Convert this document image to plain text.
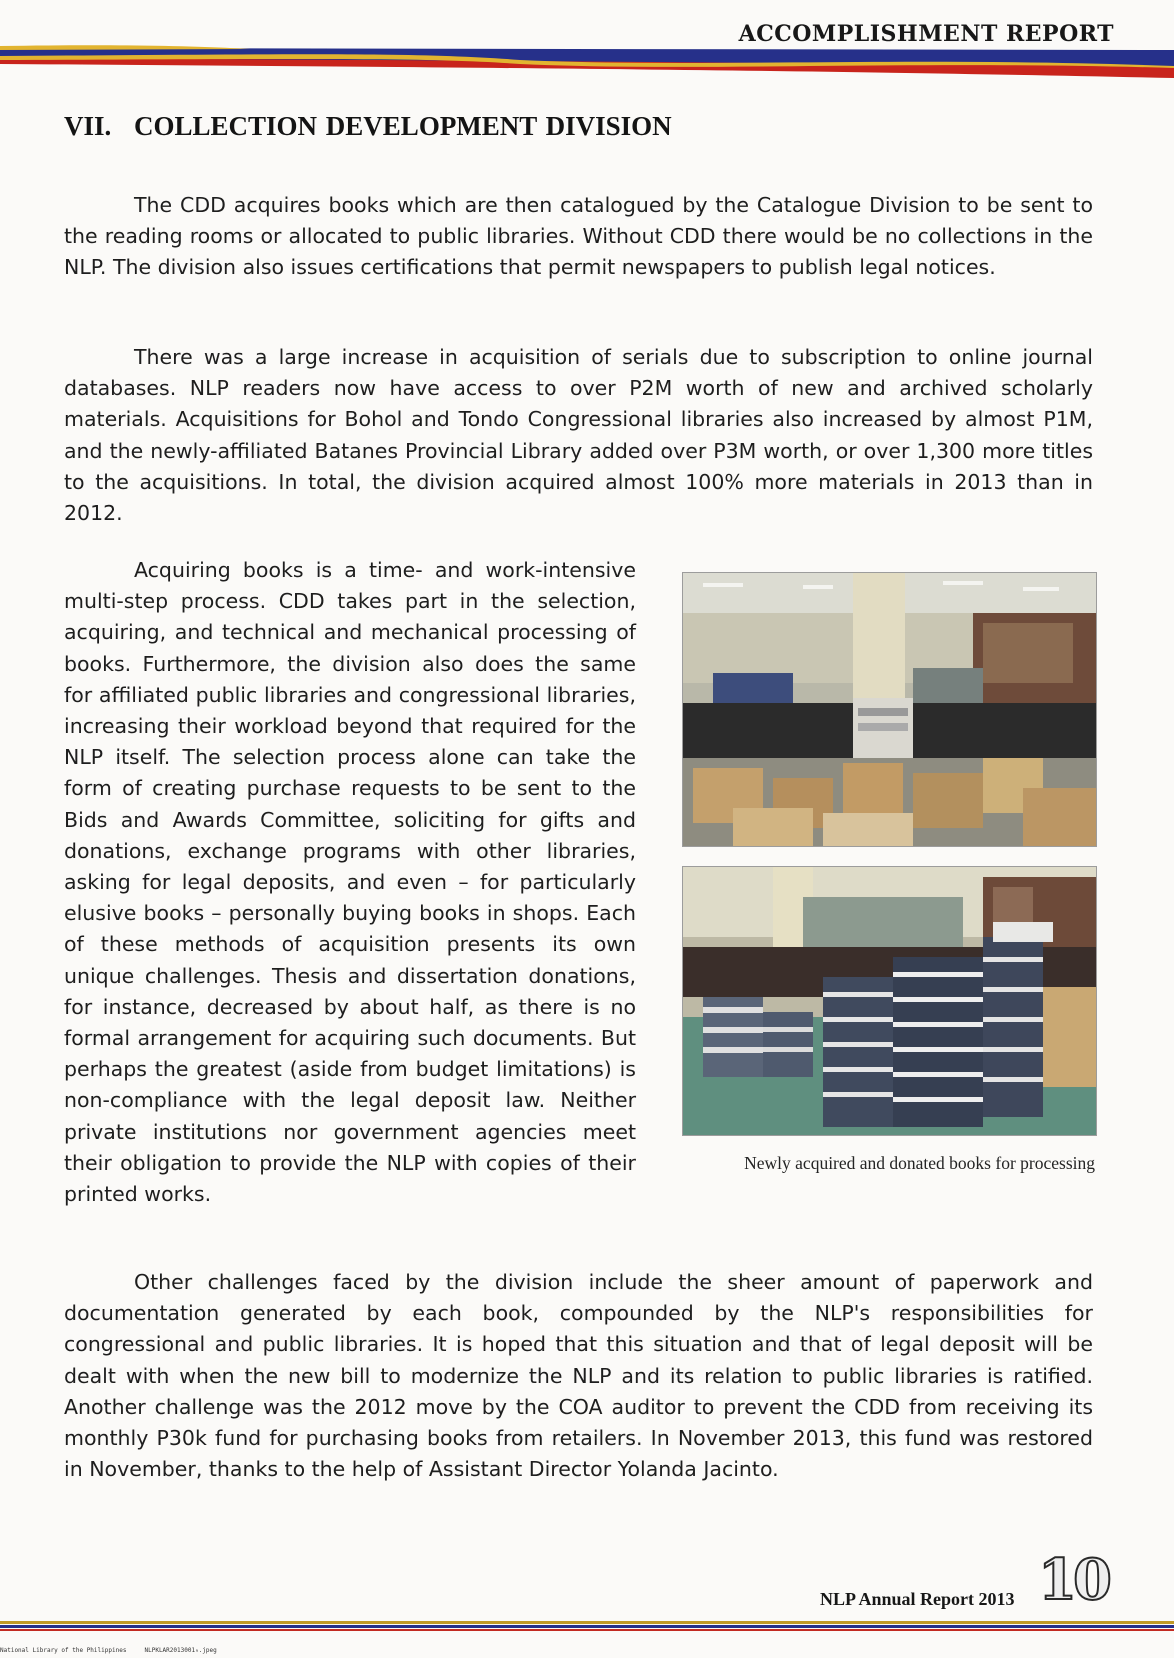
ACCOMPLISHMENT REPORT
VII. COLLECTION DEVELOPMENT DIVISION

The CDD acquires books which are then catalogued by the Catalogue Division to be sent to the reading rooms or allocated to public libraries. Without CDD there would be no collections in the NLP. The division also issues certifications that permit newspapers to publish legal notices.

There was a large increase in acquisition of serials due to subscription to online journal databases. NLP readers now have access to over P2M worth of new and archived scholarly materials. Acquisitions for Bohol and Tondo Congressional libraries also increased by almost P1M, and the newly-affiliated Batanes Provincial Library added over P3M worth, or over 1,300 more titles to the acquisitions. In total, the division acquired almost 100% more materials in 2013 than in 2012.

Acquiring books is a time- and work-intensive multi-step process. CDD takes part in the selection, acquiring, and technical and mechanical processing of books. Furthermore, the division also does the same for affiliated public libraries and congressional libraries, increasing their workload beyond that required for the NLP itself. The selection process alone can take the form of creating purchase requests to be sent to the Bids and Awards Committee, soliciting for gifts and donations, exchange programs with other libraries, asking for legal deposits, and even – for particularly elusive books – personally buying books in shops. Each of these methods of acquisition presents its own unique challenges. Thesis and dissertation donations, for instance, decreased by about half, as there is no formal arrangement for acquiring such documents. But perhaps the greatest (aside from budget limitations) is non-compliance with the legal deposit law. Neither private institutions nor government agencies meet their obligation to provide the NLP with copies of their printed works.

Newly acquired and donated books for processing

Other challenges faced by the division include the sheer amount of paperwork and documentation generated by each book, compounded by the NLP's responsibilities for congressional and public libraries. It is hoped that this situation and that of legal deposit will be dealt with when the new bill to modernize the NLP and its relation to public libraries is ratified. Another challenge was the 2012 move by the COA auditor to prevent the CDD from receiving its monthly P30k fund for purchasing books from retailers. In November 2013, this fund was restored in November, thanks to the help of Assistant Director Yolanda Jacinto.

NLP Annual Report 2013 10
National Library of the Philippines     NLPKLAR2013001₉.jpeg
